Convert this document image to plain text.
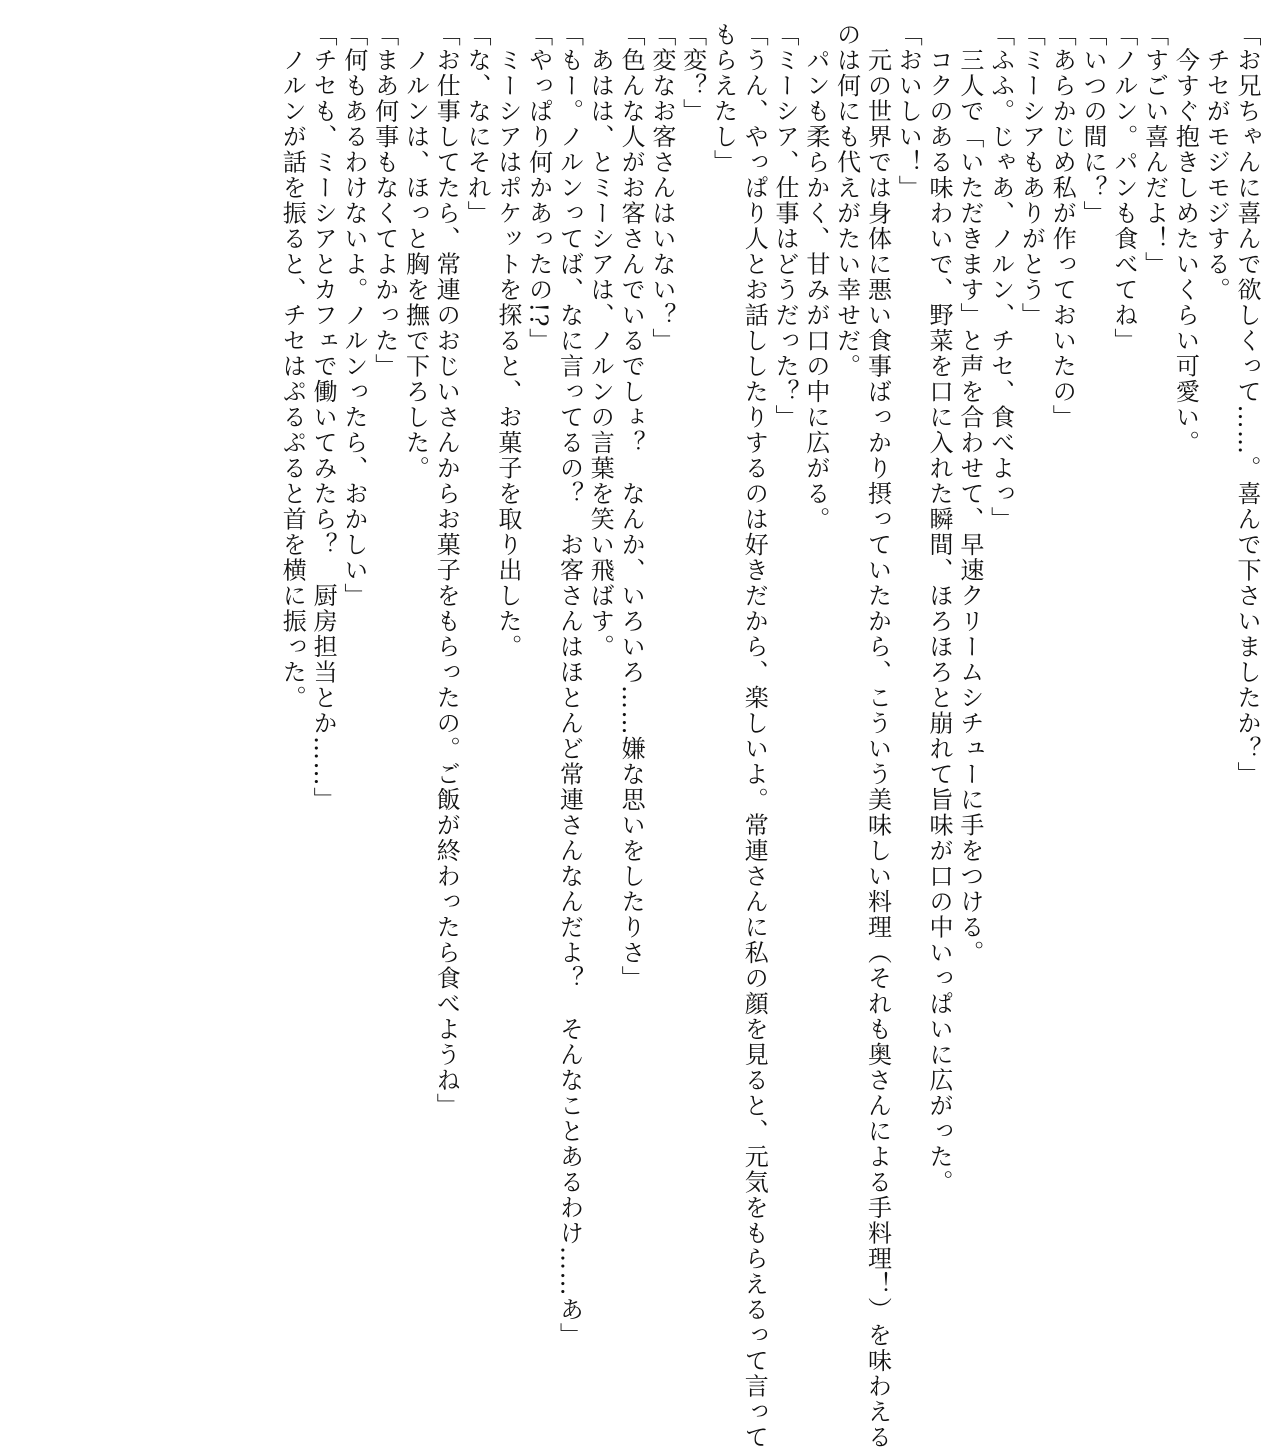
「お兄ちゃんに喜んで欲しくって……。喜んで下さいましたか？」

　チセがモジモジする。

　今すぐ抱きしめたいくらい可愛い。

「すごい喜んだよ！」

「ノルン。パンも食べてね」

「いつの間に？」

「あらかじめ私が作っておいたの」

「ミーシアもありがとう」

「ふふ。じゃあ、ノルン、チセ、食べよっ」

　三人で「いただきます」と声を合わせて、早速クリームシチューに手をつける。

　コクのある味わいで、野菜を口に入れた瞬間、ほろほろと崩れて旨味が口の中いっぱいに広がった。

「おいしい！」

　元の世界では身体に悪い食事ばっかり摂っていたから、こういう美味しい料理（それも奥さんによる手料理！）を味わえる

のは何にも代えがたい幸せだ。

　パンも柔らかく、甘みが口の中に広がる。

「ミーシア、仕事はどうだった？」

「うん、やっぱり人とお話ししたりするのは好きだから、楽しいよ。常連さんに私の顔を見ると、元気をもらえるって言って

もらえたし」

「変？」

「変なお客さんはいない？」

「色んな人がお客さんでいるでしょ？　なんか、いろいろ……嫌な思いをしたりさ」

　あはは、とミーシアは、ノルンの言葉を笑い飛ばす。

「もー。ノルンってば、なに言ってるの？　お客さんはほとんど常連さんなんだよ？　そんなことあるわけ……あ」

「やっぱり何かあったの!?」

　ミーシアはポケットを探ると、お菓子を取り出した。

「な、なにそれ」

「お仕事してたら、常連のおじいさんからお菓子をもらったの。ご飯が終わったら食べようね」

　ノルンは、ほっと胸を撫で下ろした。

「まあ何事もなくてよかった」

「何もあるわけないよ。ノルンったら、おかしい」

「チセも、ミーシアとカフェで働いてみたら？　厨房担当とか……」

　ノルンが話を振ると、チセはぷるぷると首を横に振った。
